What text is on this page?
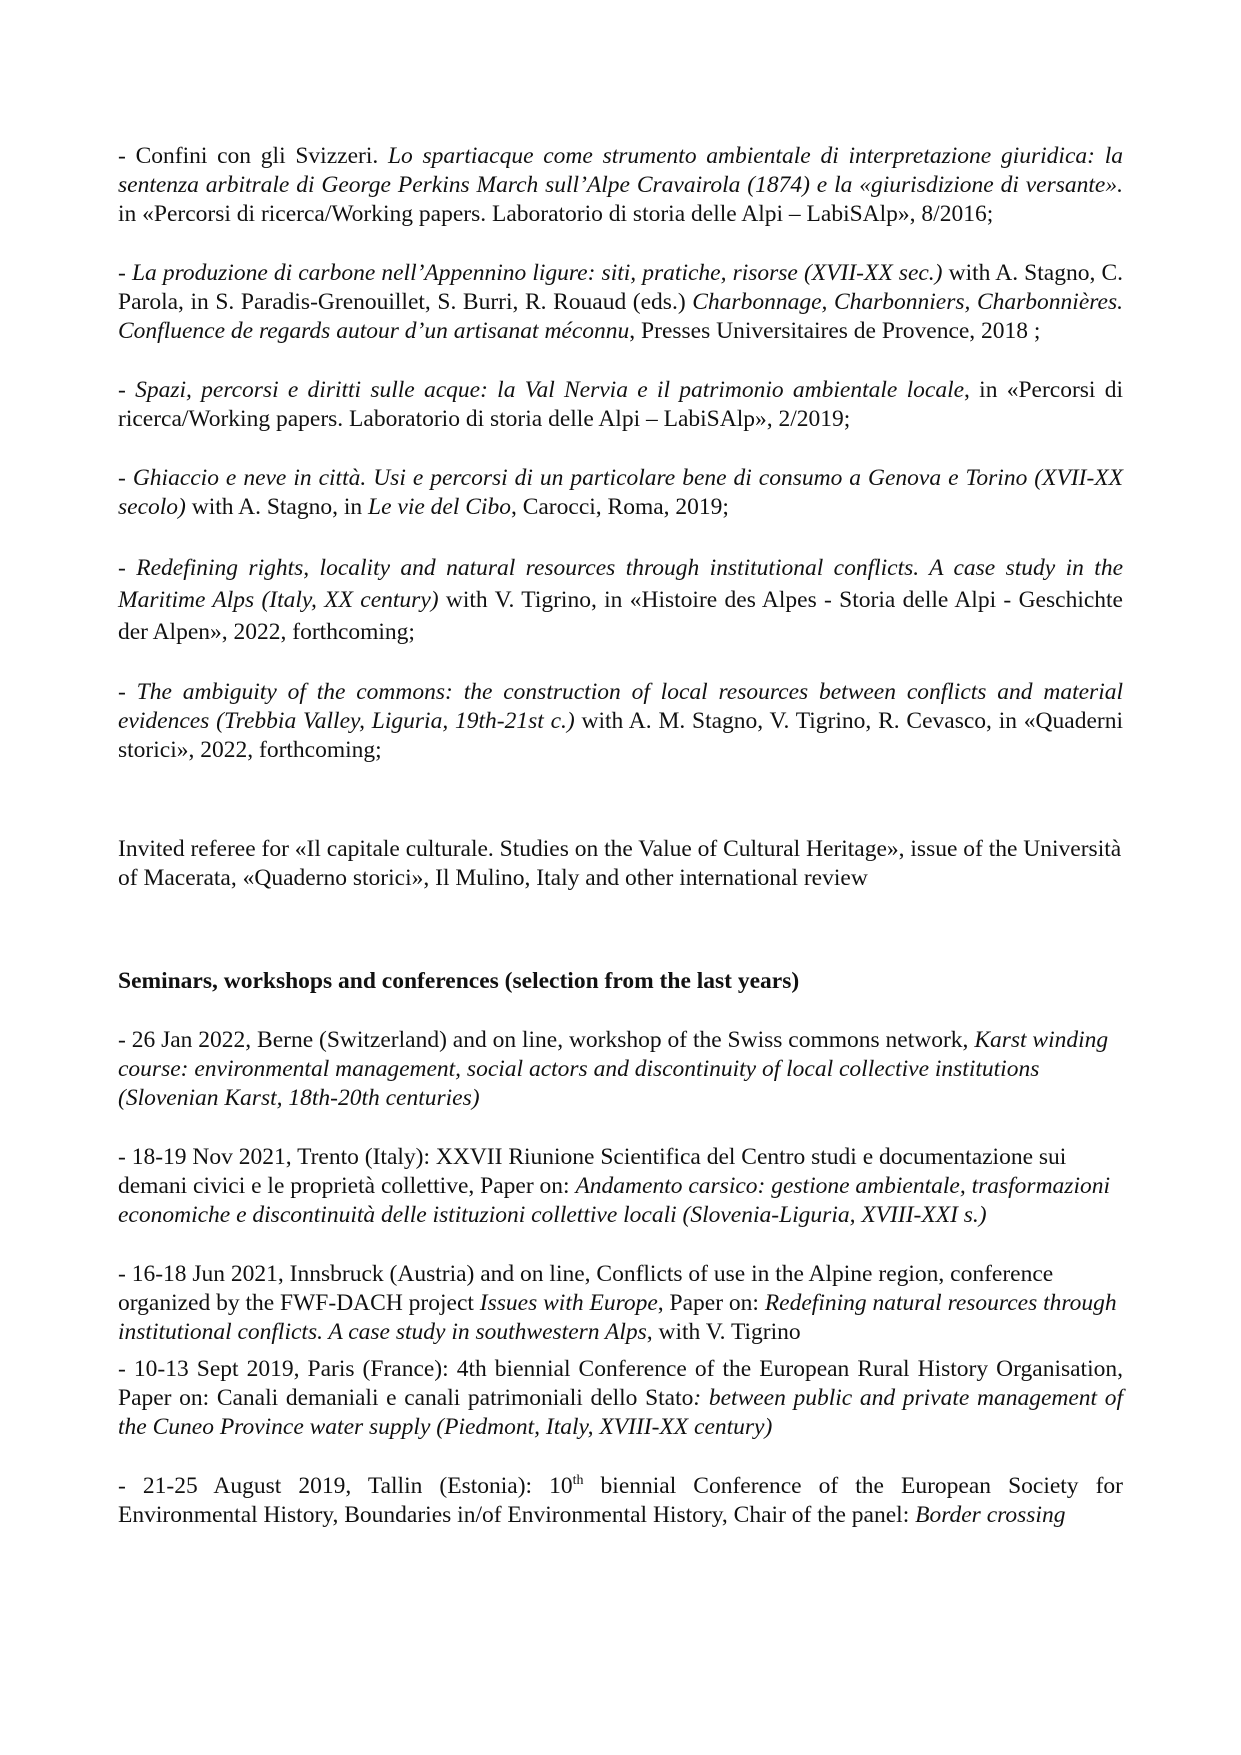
- Confini con gli Svizzeri. Lo spartiacque come strumento ambientale di interpretazione giuridica: la sentenza arbitrale di George Perkins March sull’Alpe Cravairola (1874) e la «giurisdizione di versante». in «Percorsi di ricerca/Working papers. Laboratorio di storia delle Alpi – LabiSAlp», 8/2016;

- La produzione di carbone nell’Appennino ligure: siti, pratiche, risorse (XVII-XX sec.) with A. Stagno, C. Parola, in S. Paradis-Grenouillet, S. Burri, R. Rouaud (eds.) Charbonnage, Charbonniers, Charbonnières. Confluence de regards autour d’un artisanat méconnu, Presses Universitaires de Provence, 2018 ;

- Spazi, percorsi e diritti sulle acque: la Val Nervia e il patrimonio ambientale locale, in «Percorsi di ricerca/Working papers. Laboratorio di storia delle Alpi – LabiSAlp», 2/2019;

- Ghiaccio e neve in città. Usi e percorsi di un particolare bene di consumo a Genova e Torino (XVII-XX secolo) with A. Stagno, in Le vie del Cibo, Carocci, Roma, 2019;

- Redefining rights, locality and natural resources through institutional conflicts. A case study in the Maritime Alps (Italy, XX century) with V. Tigrino, in «Histoire des Alpes - Storia delle Alpi - Geschichte der Alpen», 2022, forthcoming;

- The ambiguity of the commons: the construction of local resources between conflicts and material evidences (Trebbia Valley, Liguria, 19th-21st c.) with A. M. Stagno, V. Tigrino, R. Cevasco, in «Quaderni storici», 2022, forthcoming;

Invited referee for «Il capitale culturale. Studies on the Value of Cultural Heritage», issue of the Università of Macerata, «Quaderno storici», Il Mulino, Italy and other international review

Seminars, workshops and conferences (selection from the last years)

- 26 Jan 2022, Berne (Switzerland) and on line, workshop of the Swiss commons network, Karst winding course: environmental management, social actors and discontinuity of local collective institutions (Slovenian Karst, 18th-20th centuries)

- 18-19 Nov 2021, Trento (Italy): XXVII Riunione Scientifica del Centro studi e documentazione sui demani civici e le proprietà collettive, Paper on: Andamento carsico: gestione ambientale, trasformazioni economiche e discontinuità delle istituzioni collettive locali (Slovenia-Liguria, XVIII-XXI s.)

- 16-18 Jun 2021, Innsbruck (Austria) and on line, Conflicts of use in the Alpine region, conference organized by the FWF-DACH project Issues with Europe, Paper on: Redefining natural resources through institutional conflicts. A case study in southwestern Alps, with V. Tigrino

- 10-13 Sept 2019, Paris (France): 4th biennial Conference of the European Rural History Organisation, Paper on: Canali demaniali e canali patrimoniali dello Stato: between public and private management of the Cuneo Province water supply (Piedmont, Italy, XVIII-XX century)

- 21-25 August 2019, Tallin (Estonia): 10th biennial Conference of the European Society for Environmental History, Boundaries in/of Environmental History, Chair of the panel: Border crossing
